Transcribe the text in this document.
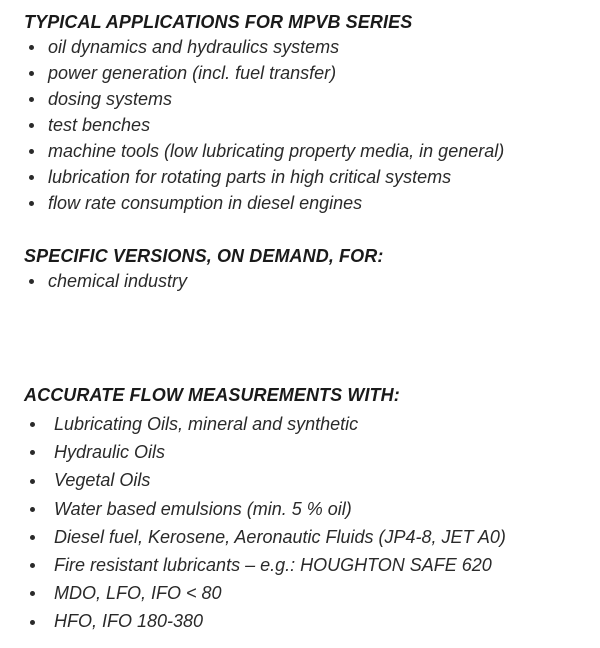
TYPICAL APPLICATIONS FOR MPVB SERIES
oil dynamics and hydraulics systems
power generation (incl. fuel transfer)
dosing systems
test benches
machine tools (low lubricating property media, in general)
lubrication for rotating parts in high critical systems
flow rate consumption in diesel engines
SPECIFIC VERSIONS, ON DEMAND, FOR:
chemical industry
ACCURATE FLOW MEASUREMENTS WITH:
Lubricating Oils, mineral and synthetic
Hydraulic Oils
Vegetal Oils
Water based emulsions (min. 5 % oil)
Diesel fuel, Kerosene, Aeronautic Fluids (JP4-8, JET A0)
Fire resistant lubricants – e.g.: HOUGHTON SAFE 620
MDO, LFO, IFO < 80
HFO, IFO 180-380
